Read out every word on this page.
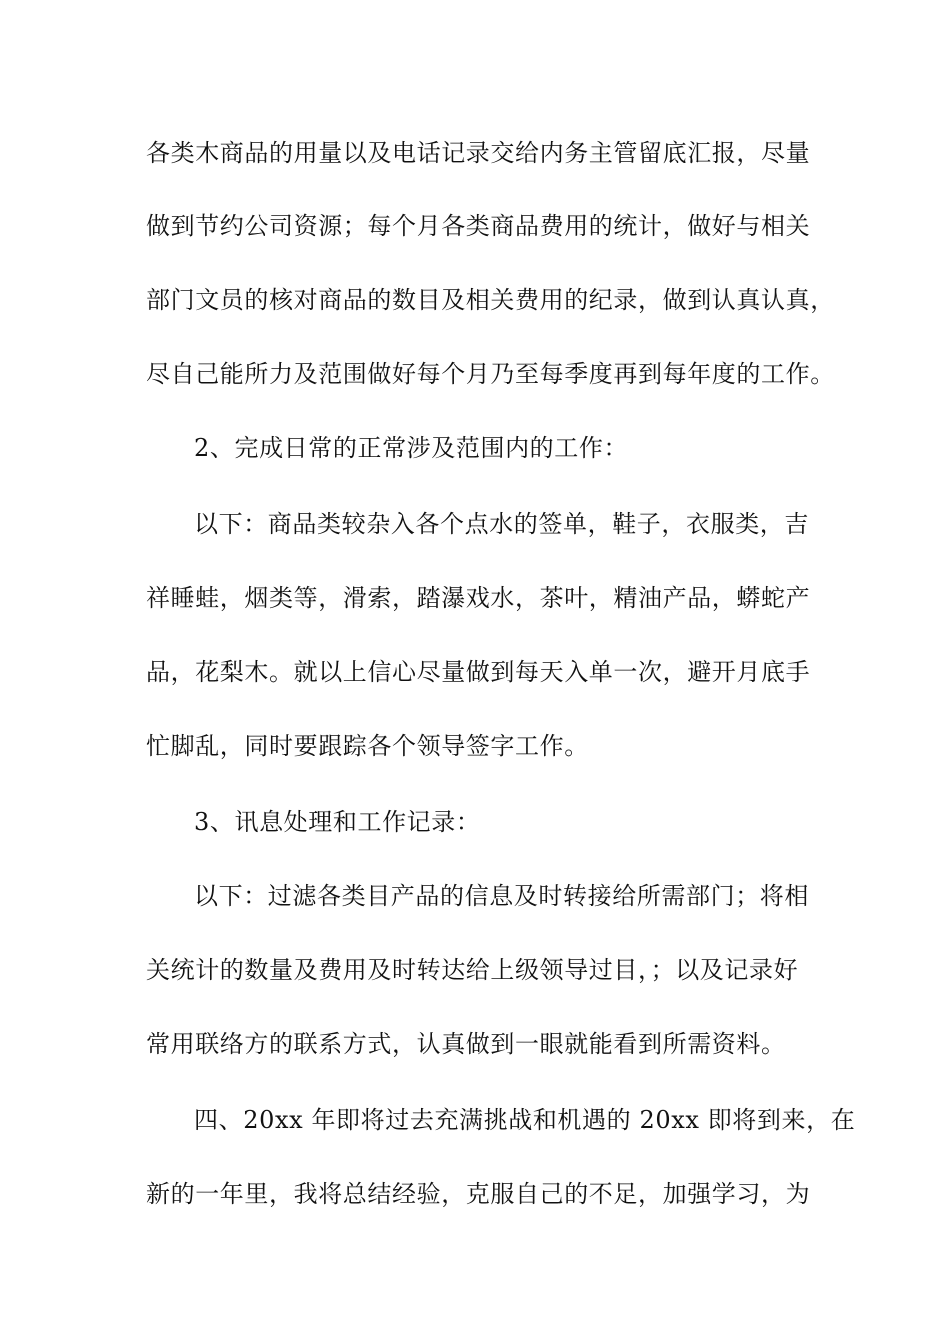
各类木商品的用量以及电话记录交给内务主管留底汇报，尽量
做到节约公司资源；每个月各类商品费用的统计，做好与相关
部门文员的核对商品的数目及相关费用的纪录，做到认真认真，
尽自己能所力及范围做好每个月乃至每季度再到每年度的工作。
2、完成日常的正常涉及范围内的工作：
以下：商品类较杂入各个点水的签单，鞋子，衣服类，吉
祥睡蛙，烟类等，滑索，踏瀑戏水，茶叶，精油产品，蟒蛇产
品，花梨木。就以上信心尽量做到每天入单一次，避开月底手
忙脚乱，同时要跟踪各个领导签字工作。
3、讯息处理和工作记录：
以下：过滤各类目产品的信息及时转接给所需部门；将相
关统计的数量及费用及时转达给上级领导过目，；以及记录好
常用联络方的联系方式，认真做到一眼就能看到所需资料。
四、20xx 年即将过去充满挑战和机遇的 20xx 即将到来，在
新的一年里，我将总结经验，克服自己的不足，加强学习，为
